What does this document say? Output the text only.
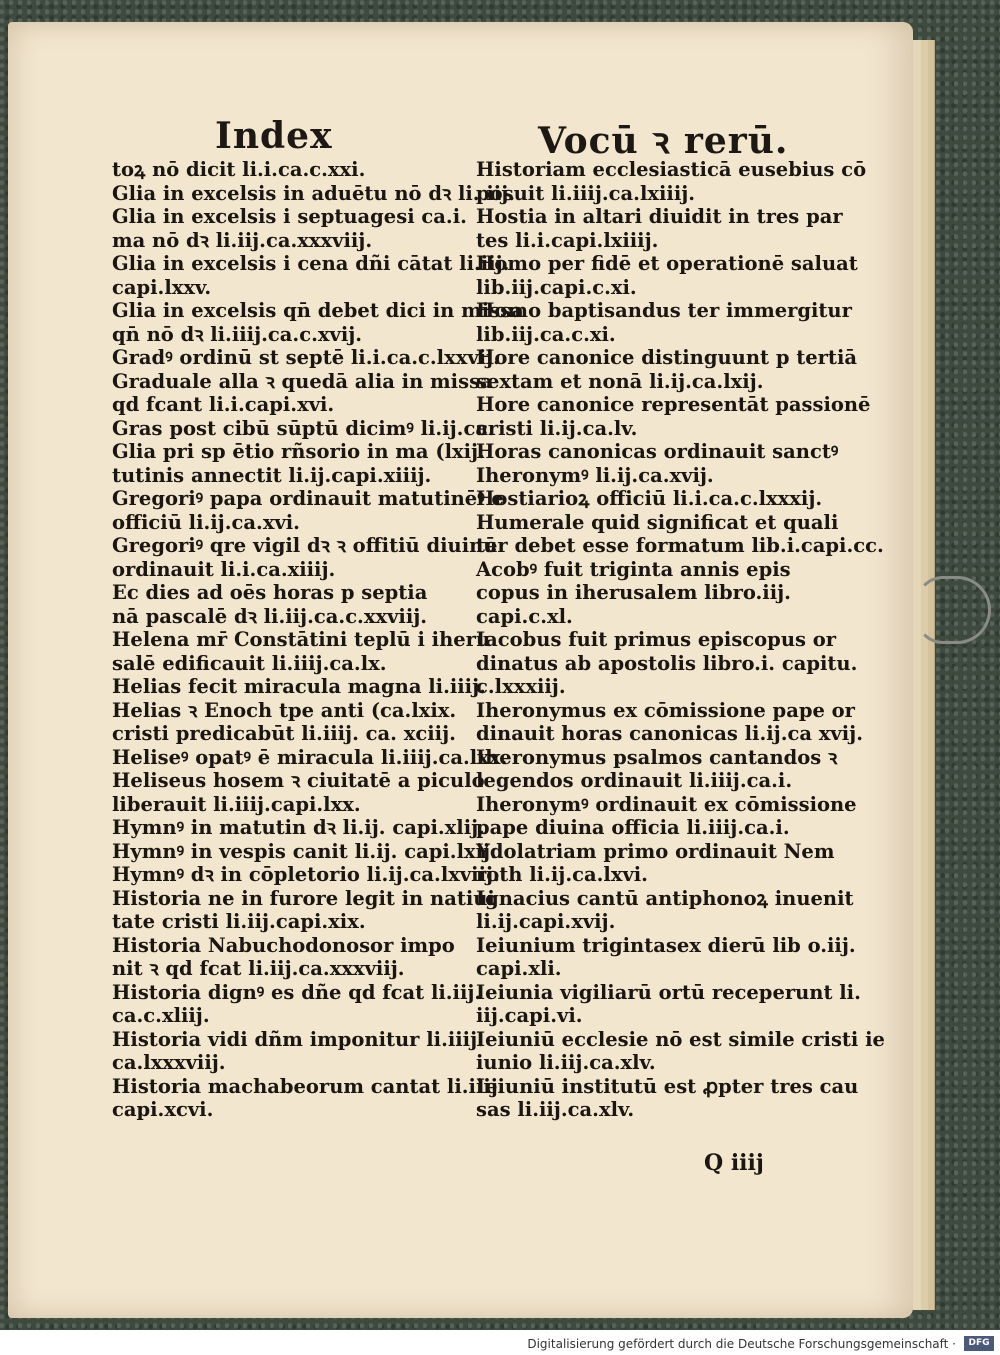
Index	Vocū ꝛ rerū.
toꝝ nō dicit li.i.ca.c.xxi.
Glia in excelsis in aduētu nō dꝛ li. iij.
Glia in excelsis i septuagesi ca.i.
ma nō dꝛ li.iij.ca.xxxviij.
Glia in excelsis i cena dñi cātat li.iij.
capi.lxxv.
Glia in excelsis qn̄ debet dici in missa
qn̄ nō dꝛ li.iiij.ca.c.xvij.
Gradꝰ ordinū st septē li.i.ca.c.lxxvij.
Graduale alla ꝛ quedā alia in missa
qd fcant li.i.capi.xvi.
Gras post cibū sūptū dicimꝰ li.ij.ca.
Glia pri sp ētio rñsorio in ma (lxij.
tutinis annectit li.ij.capi.xiiij.
Gregoriꝰ papa ordinauit matutinēꝰ e
officiū li.ij.ca.xvi.
Gregoriꝰ qre vigil dꝛ ꝛ offitiū diuinū
ordinauit li.i.ca.xiiij.
Ec dies ad oēs horas p septia
nā pascalē dꝛ li.iij.ca.c.xxviij.
Helena mr̄ Constātini teplū i iheru
salē edificauit li.iiij.ca.lx.
Helias fecit miracula magna li.iiij.
Helias ꝛ Enoch tpe anti (ca.lxix.
cristi predicabūt li.iiij. ca. xciij.
Heliseꝰ opatꝰ ē miracula li.iiij.ca.lxx.
Heliseus hosem ꝛ ciuitatē a piculo
liberauit li.iiij.capi.lxx.
Hymnꝰ in matutin dꝛ li.ij. capi.xlij.
Hymnꝰ in vespis canit li.ij. capi.lxij.
Hymnꝰ dꝛ in cōpletorio li.ij.ca.lxviij.
Historia ne in furore legit in natiui
tate cristi li.iij.capi.xix.
Historia Nabuchodonosor impo
nit ꝛ qd fcat li.iij.ca.xxxviij.
Historia dignꝰ es dñe qd fcat li.iij.
ca.c.xliij.
Historia vidi dñm imponitur li.iiij.
ca.lxxxviij.
Historia machabeorum cantat li.iiij.
capi.xcvi.
Historiam ecclesiasticā eusebius cō
posuit li.iiij.ca.lxiiij.
Hostia in altari diuidit in tres par
tes li.i.capi.lxiiij.
Homo per fidē et operationē saluat
lib.iij.capi.c.xi.
Homo baptisandus ter immergitur
lib.iij.ca.c.xi.
Hore canonice distinguunt p tertiā
sextam et nonā li.ij.ca.lxij.
Hore canonice representāt passionē
cristi li.ij.ca.lv.
Horas canonicas ordinauit sanctꝰ
Iheronymꝰ li.ij.ca.xvij.
Hostiarioꝝ officiū li.i.ca.c.lxxxij.
Humerale quid significat et quali
ter debet esse formatum lib.i.capi.cc.
Acobꝰ fuit triginta annis epis
copus in iherusalem libro.iij.
capi.c.xl.
Iacobus fuit primus episcopus or
dinatus ab apostolis libro.i. capitu.
c.lxxxiij.
Iheronymus ex cōmissione pape or
dinauit horas canonicas li.ij.ca xvij.
Iheronymus psalmos cantandos ꝛ
legendos ordinauit li.iiij.ca.i.
Iheronymꝰ ordinauit ex cōmissione
pape diuina officia li.iiij.ca.i.
Ydolatriam primo ordinauit Nem
roth li.ij.ca.lxvi.
Ignacius cantū antiphonoꝝ inuenit
li.ij.capi.xvij.
Ieiunium trigintasex dierū lib o.iij.
capi.xli.
Ieiunia vigiliarū ortū receperunt li.
iij.capi.vi.
Ieiuniū ecclesie nō est simile cristi ie
iunio li.iij.ca.xlv.
Ieiuniū institutū est ꝓpter tres cau
sas li.iij.ca.xlv.
Q iiij
Digitalisierung gefördert durch die Deutsche Forschungsgemeinschaft ·	DFG
